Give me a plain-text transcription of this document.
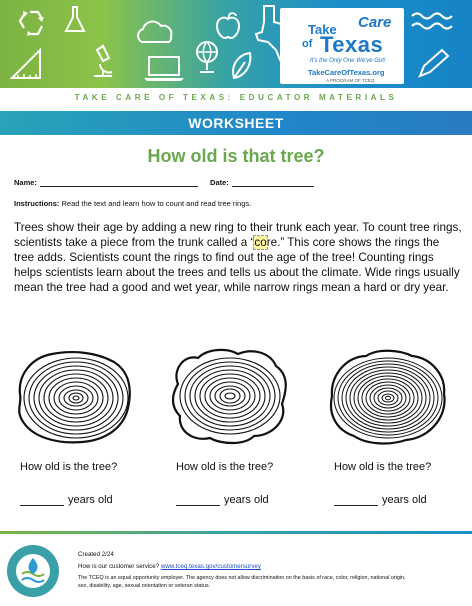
Take Care
of Texas
It's the Only One We've Got!
TakeCareOfTexas.org
A PROGRAM OF TCEQ
TAKE CARE OF TEXAS: EDUCATOR MATERIALS
WORKSHEET
How old is that tree?
Name:	Date:
Instructions: Read the text and learn how to count and read tree rings.
Trees show their age by adding a new ring to their trunk each year. To count tree rings, scientists take a piece from the trunk called a “core.” This core shows the rings the tree adds. Scientists count the rings to find out the age of the tree! Counting rings helps scientists learn about the trees and tells us about the climate. Wide rings usually mean the tree had a good and wet year, while narrow rings mean a hard or dry year.
How old is the tree?	How old is the tree?	How old is the tree?
years old	years old	years old
Created 2/24
How is our customer service? www.tceq.texas.gov/customersurvey
The TCEQ is an equal opportunity employer. The agency does not allow discrimination on the basis of race, color, religion, national origin,
sex, disability, age, sexual orientation or veteran status.
